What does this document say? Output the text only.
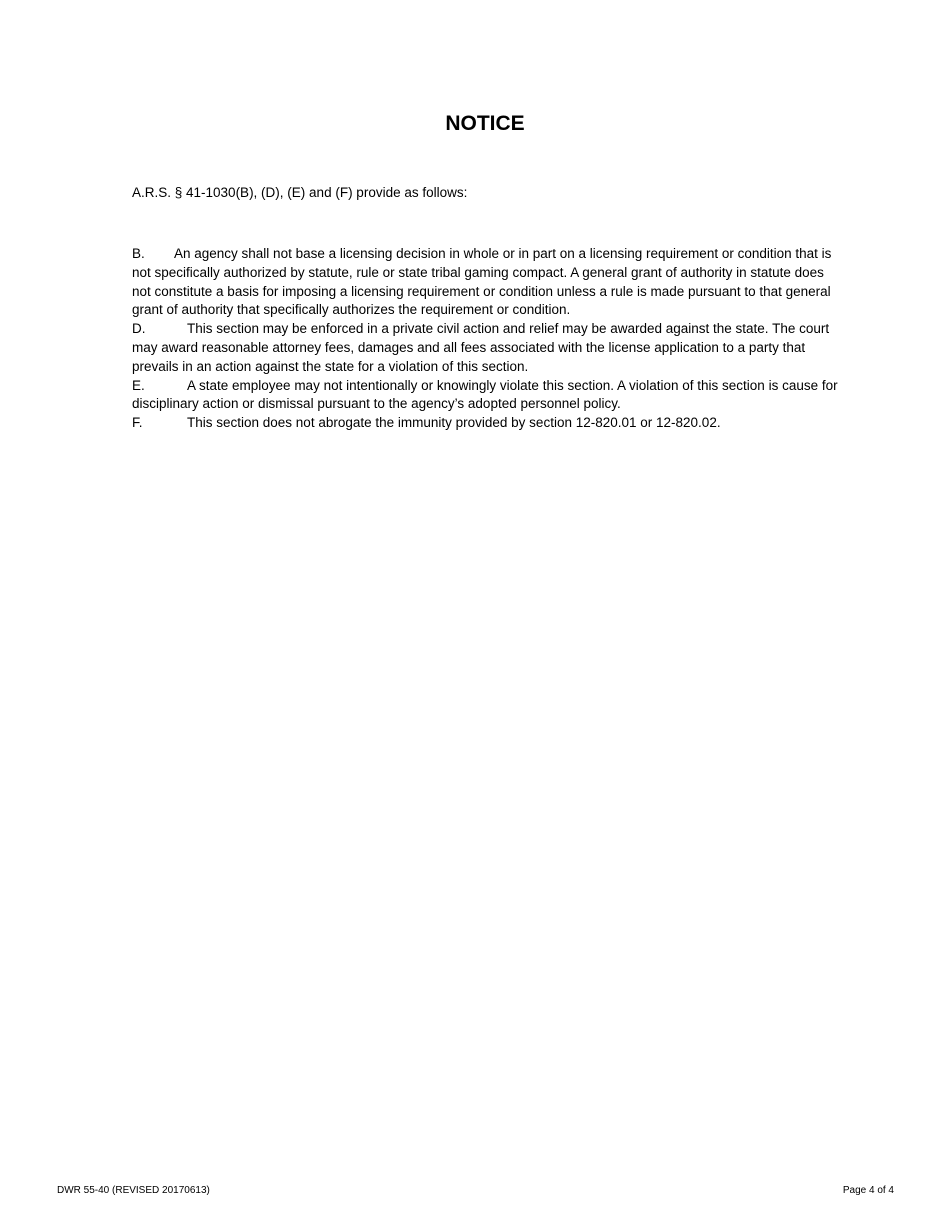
NOTICE

A.R.S. § 41-1030(B), (D), (E) and (F) provide as follows:

B. An agency shall not base a licensing decision in whole or in part on a licensing requirement or condition that is not specifically authorized by statute, rule or state tribal gaming compact. A general grant of authority in statute does not constitute a basis for imposing a licensing requirement or condition unless a rule is made pursuant to that general grant of authority that specifically authorizes the requirement or condition.

D.	This section may be enforced in a private civil action and relief may be awarded against the state. The court may award reasonable attorney fees, damages and all fees associated with the license application to a party that prevails in an action against the state for a violation of this section.

E.	A state employee may not intentionally or knowingly violate this section. A violation of this section is cause for disciplinary action or dismissal pursuant to the agency’s adopted personnel policy.

F.	This section does not abrogate the immunity provided by section 12-820.01 or 12-820.02.

DWR 55-40 (REVISED 20170613)	Page 4 of 4
